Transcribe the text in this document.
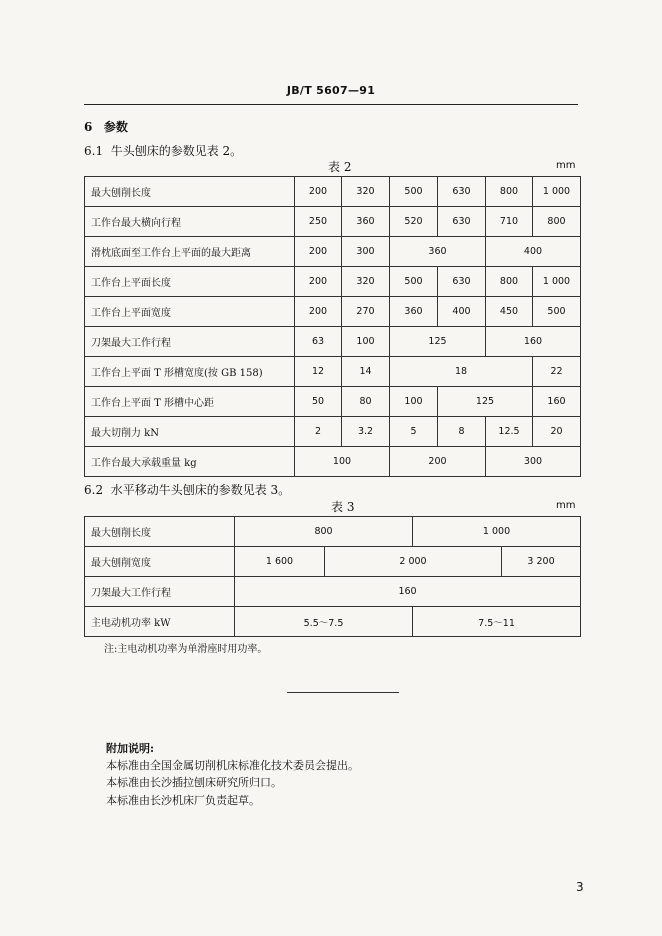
JB/T 5607—91
6 参数
6.1 牛头刨床的参数见表 2。
表 2	mm
最大刨削长度	200	320	500	630	800	1 000
工作台最大横向行程	250	360	520	630	710	800
滑枕底面至工作台上平面的最大距离	200	300	360		400	
工作台上平面长度	200	320	500	630	800	1 000
工作台上平面宽度	200	270	360	400	450	500
刀架最大工作行程	63	100	125		160	
工作台上平面 T 形槽宽度(按 GB 158)	12	14	18			22
工作台上平面 T 形槽中心距	50	80	100	125		160
最大切削力 kN	2	3.2	5	8	12.5	20
工作台最大承载重量 kg	100		200		300	
6.2 水平移动牛头刨床的参数见表 3。
表 3	mm
最大刨削长度	800		1 000	
最大刨削宽度	1 600	2 000		3 200
刀架最大工作行程	160			
主电动机功率 kW	5.5～7.5		7.5～11	
注:主电动机功率为单滑座时用功率。
附加说明:
本标准由全国金属切削机床标准化技术委员会提出。
本标准由长沙插拉刨床研究所归口。
本标准由长沙机床厂负责起草。
3
